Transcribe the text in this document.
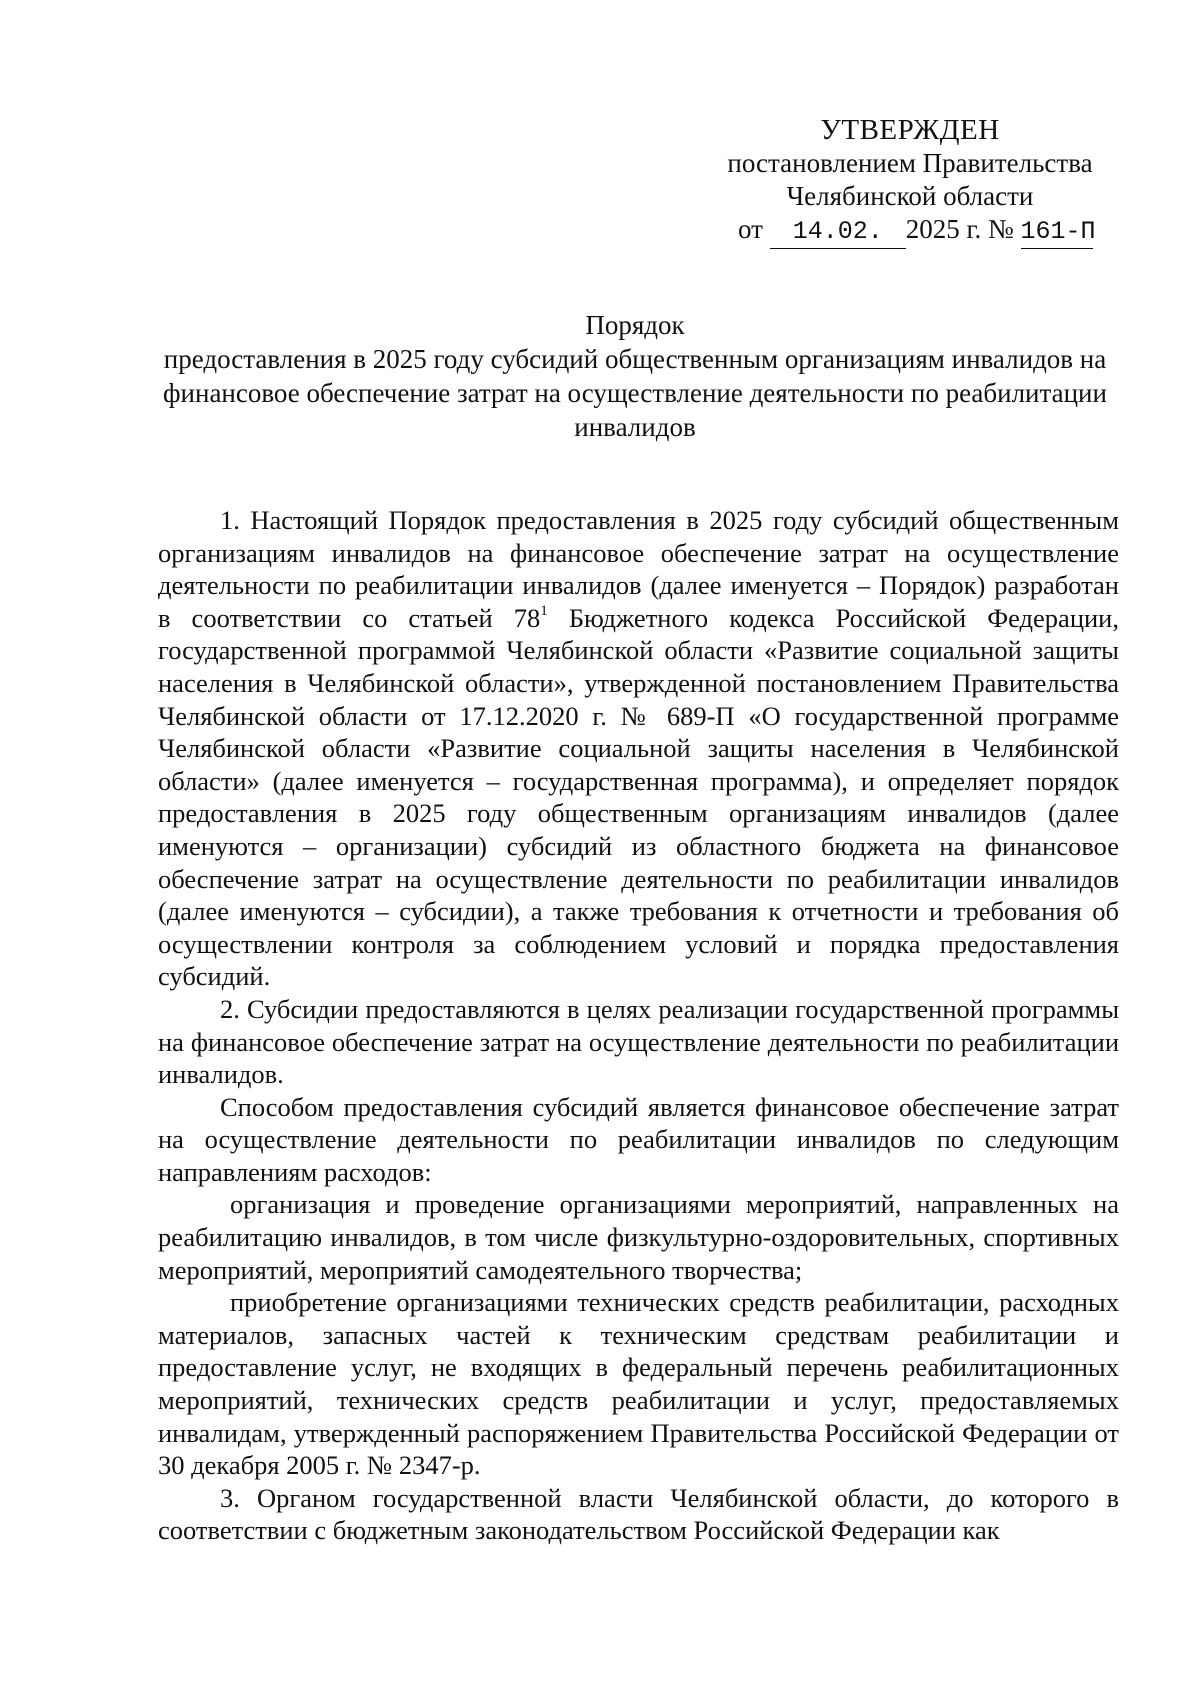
УТВЕРЖДЕН
постановлением Правительства
Челябинской области
от 14.02. 2025 г. № 161-П
Порядок
предоставления в 2025 году субсидий общественным организациям инвалидов на финансовое обеспечение затрат на осуществление деятельности по реабилитации инвалидов

1. Настоящий Порядок предоставления в 2025 году субсидий общественным организациям инвалидов на финансовое обеспечение затрат на осуществление деятельности по реабилитации инвалидов (далее именуется – Порядок) разработан в соответствии со статьей $78^1$ Бюджетного кодекса Российской Федерации, государственной программой Челябинской области «Развитие социальной защиты населения в Челябинской области», утвержденной постановлением Правительства Челябинской области от 17.12.2020 г. № 689-П «О государственной программе Челябинской области «Развитие социальной защиты населения в Челябинской области» (далее именуется – государственная программа), и определяет порядок предоставления в 2025 году общественным организациям инвалидов (далее именуются – организации) субсидий из областного бюджета на финансовое обеспечение затрат на осуществление деятельности по реабилитации инвалидов (далее именуются – субсидии), а также требования к отчетности и требования об осуществлении контроля за соблюдением условий и порядка предоставления субсидий.

2. Субсидии предоставляются в целях реализации государственной программы на финансовое обеспечение затрат на осуществление деятельности по реабилитации инвалидов.

Способом предоставления субсидий является финансовое обеспечение затрат на осуществление деятельности по реабилитации инвалидов по следующим направлениям расходов:

организация и проведение организациями мероприятий, направленных на реабилитацию инвалидов, в том числе физкультурно-оздоровительных, спортивных мероприятий, мероприятий самодеятельного творчества;

приобретение организациями технических средств реабилитации, расходных материалов, запасных частей к техническим средствам реабилитации и предоставление услуг, не входящих в федеральный перечень реабилитационных мероприятий, технических средств реабилитации и услуг, предоставляемых инвалидам, утвержденный распоряжением Правительства Российской Федерации от 30 декабря 2005 г. № 2347-р.

3. Органом государственной власти Челябинской области, до которого в соответствии с бюджетным законодательством Российской Федерации как
